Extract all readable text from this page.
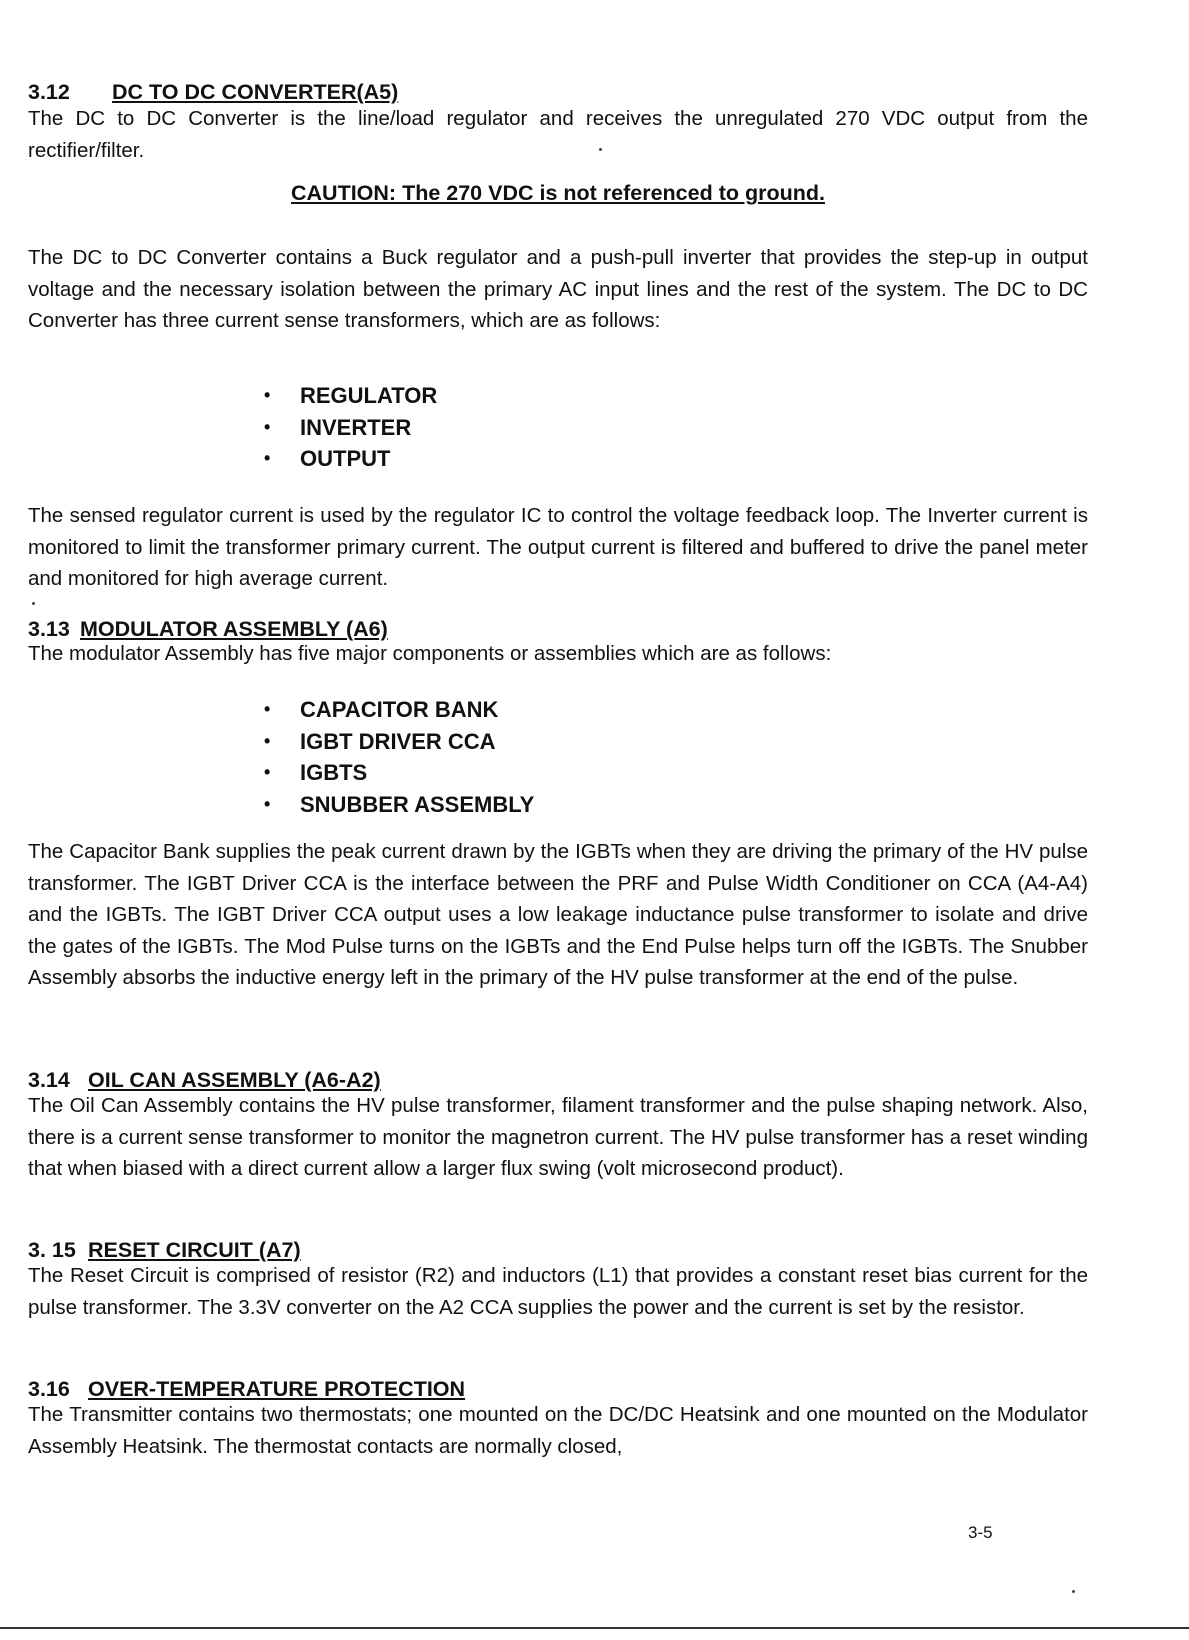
3.12 DC TO DC CONVERTER(A5)
The DC to DC Converter is the line/load regulator and receives the unregulated 270 VDC output from the rectifier/filter.
CAUTION: The 270 VDC is not referenced to ground.
The DC to DC Converter contains a Buck regulator and a push-pull inverter that provides the step-up in output voltage and the necessary isolation between the primary AC input lines and the rest of the system. The DC to DC Converter has three current sense transformers, which are as follows:
• REGULATOR
• INVERTER
• OUTPUT
The sensed regulator current is used by the regulator IC to control the voltage feedback loop. The Inverter current is monitored to limit the transformer primary current. The output current is filtered and buffered to drive the panel meter and monitored for high average current.
3.13 MODULATOR ASSEMBLY (A6)
The modulator Assembly has five major components or assemblies which are as follows:
• CAPACITOR BANK
• IGBT DRIVER CCA
• IGBTS
• SNUBBER ASSEMBLY
The Capacitor Bank supplies the peak current drawn by the IGBTs when they are driving the primary of the HV pulse transformer. The IGBT Driver CCA is the interface between the PRF and Pulse Width Conditioner on CCA (A4-A4) and the IGBTs. The IGBT Driver CCA output uses a low leakage inductance pulse transformer to isolate and drive the gates of the IGBTs. The Mod Pulse turns on the IGBTs and the End Pulse helps turn off the IGBTs. The Snubber Assembly absorbs the inductive energy left in the primary of the HV pulse transformer at the end of the pulse.
3.14 OIL CAN ASSEMBLY (A6-A2)
The Oil Can Assembly contains the HV pulse transformer, filament transformer and the pulse shaping network. Also, there is a current sense transformer to monitor the magnetron current. The HV pulse transformer has a reset winding that when biased with a direct current allow a larger flux swing (volt microsecond product).
3. 15 RESET CIRCUIT (A7)
The Reset Circuit is comprised of resistor (R2) and inductors (L1) that provides a constant reset bias current for the pulse transformer. The 3.3V converter on the A2 CCA supplies the power and the current is set by the resistor.
3.16 OVER-TEMPERATURE PROTECTION
The Transmitter contains two thermostats; one mounted on the DC/DC Heatsink and one mounted on the Modulator Assembly Heatsink. The thermostat contacts are normally closed,
3-5
